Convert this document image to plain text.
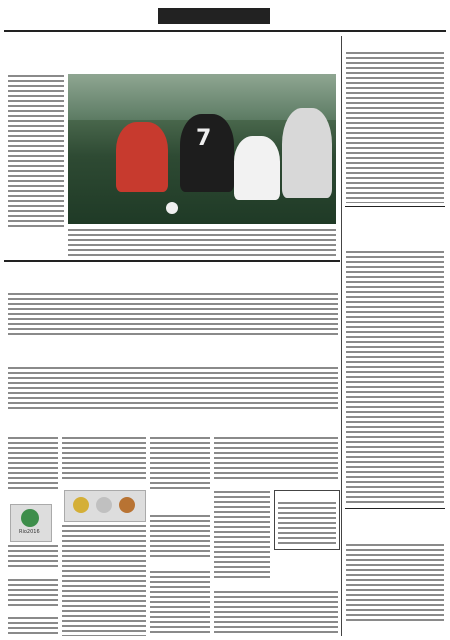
7
Rio2016
